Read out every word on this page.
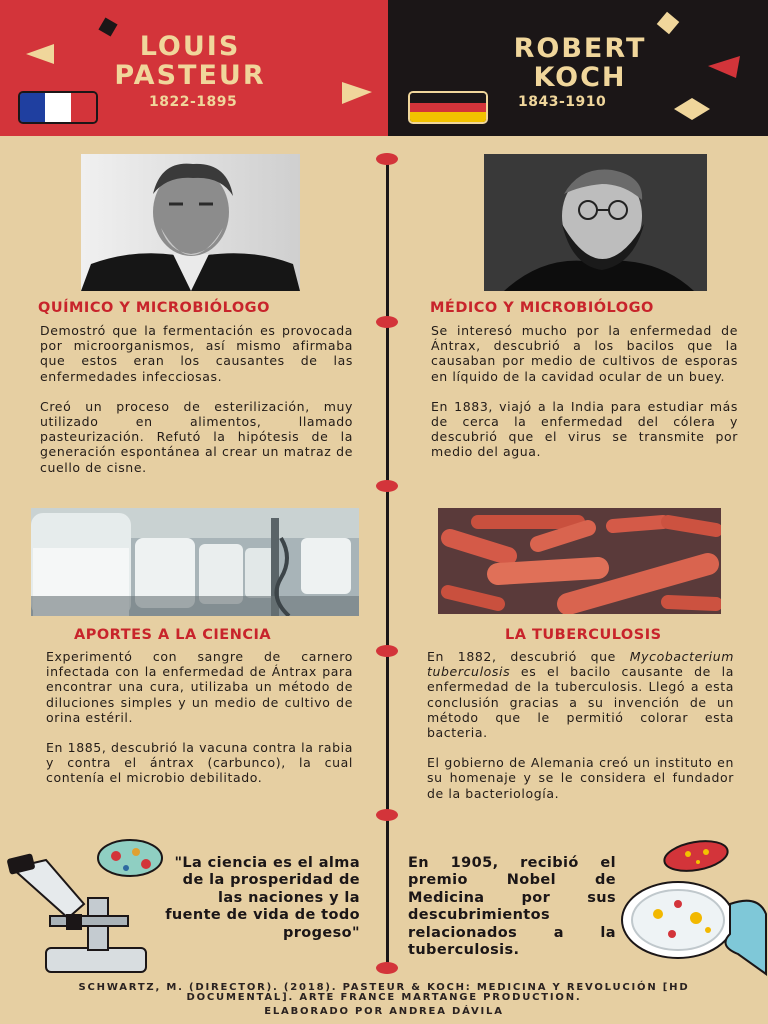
LOUIS
PASTEUR
1822-1895
ROBERT
KOCH
1843-1910
QUÍMICO Y MICROBIÓLOGO	MÉDICO Y MICROBIÓLOGO

Demostró que la fermentación es provocada por microorganismos, así mismo afirmaba que estos eran los causantes de las enfermedades infecciosas.

Creó un proceso de esterilización, muy utilizado en alimentos, llamado pasteurización. Refutó la hipótesis de la generación espontánea al crear un matraz de cuello de cisne.

Se interesó mucho por la enfermedad de Ántrax, descubrió a los bacilos que la causaban por medio de cultivos de esporas en líquido de la cavidad ocular de un buey.

En 1883, viajó a la India para estudiar más de cerca la enfermedad del cólera y descubrió que el virus se transmite por medio del agua.

APORTES A LA CIENCIA	LA TUBERCULOSIS

Experimentó con sangre de carnero infectada con la enfermedad de Ántrax para encontrar una cura, utilizaba un método de diluciones simples y un medio de cultivo de orina estéril.

En 1885, descubrió la vacuna contra la rabia y contra el ántrax (carbunco), la cual contenía el microbio debilitado.

En 1882, descubrió que Mycobacterium tuberculosis es el bacilo causante de la enfermedad de la tuberculosis. Llegó a esta conclusión gracias a su invención de un método que le permitió colorar esta bacteria.

El gobierno de Alemania creó un instituto en su homenaje y se le considera el fundador de la bacteriología.

"La ciencia es el alma de la prosperidad de las naciones y la fuente de vida de todo progeso"
En 1905, recibió el premio Nobel de Medicina por sus descubrimientos relacionados a la tuberculosis.
SCHWARTZ, M. (DIRECTOR). (2018). PASTEUR & KOCH: MEDICINA Y REVOLUCIÓN [HD
DOCUMENTAL]. ARTE FRANCE MARTANGE PRODUCTION.
ELABORADO POR ANDREA DÁVILA
